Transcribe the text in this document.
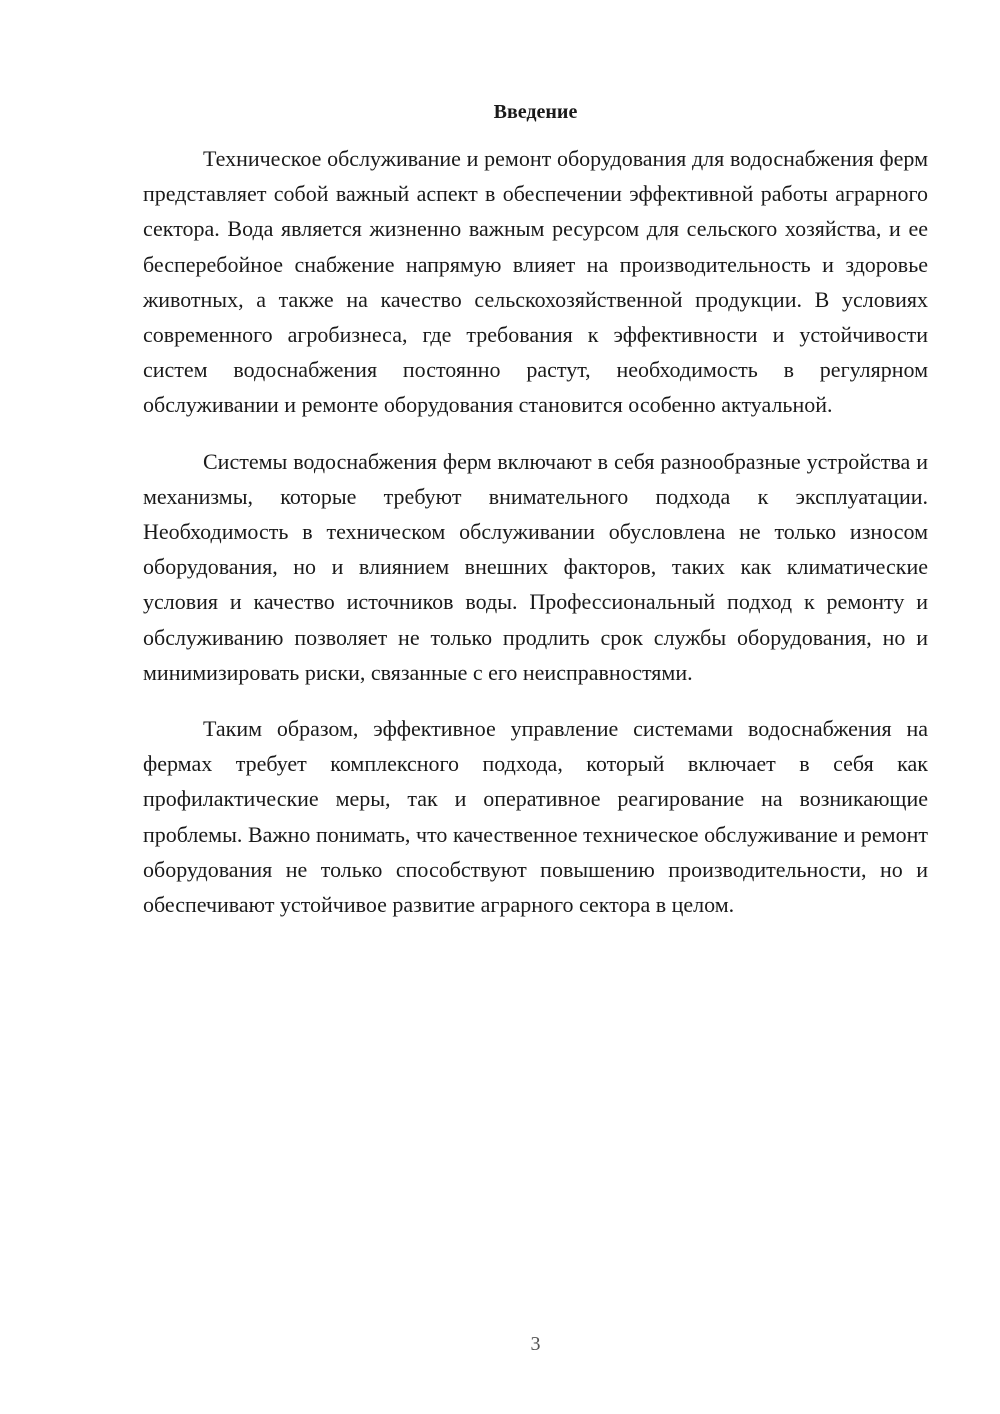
Введение

Техническое обслуживание и ремонт оборудования для водоснабжения ферм представляет собой важный аспект в обеспечении эффективной работы аграрного сектора. Вода является жизненно важным ресурсом для сельского хозяйства, и ее бесперебойное снабжение напрямую влияет на производительность и здоровье животных, а также на качество сельскохозяйственной продукции. В условиях современного агробизнеса, где требования к эффективности и устойчивости систем водоснабжения постоянно растут, необходимость в регулярном обслуживании и ремонте оборудования становится особенно актуальной.

Системы водоснабжения ферм включают в себя разнообразные устройства и механизмы, которые требуют внимательного подхода к эксплуатации. Необходимость в техническом обслуживании обусловлена не только износом оборудования, но и влиянием внешних факторов, таких как климатические условия и качество источников воды. Профессиональный подход к ремонту и обслуживанию позволяет не только продлить срок службы оборудования, но и минимизировать риски, связанные с его неисправностями.

Таким образом, эффективное управление системами водоснабжения на фермах требует комплексного подхода, который включает в себя как профилактические меры, так и оперативное реагирование на возникающие проблемы. Важно понимать, что качественное техническое обслуживание и ремонт оборудования не только способствуют повышению производительности, но и обеспечивают устойчивое развитие аграрного сектора в целом.

3
